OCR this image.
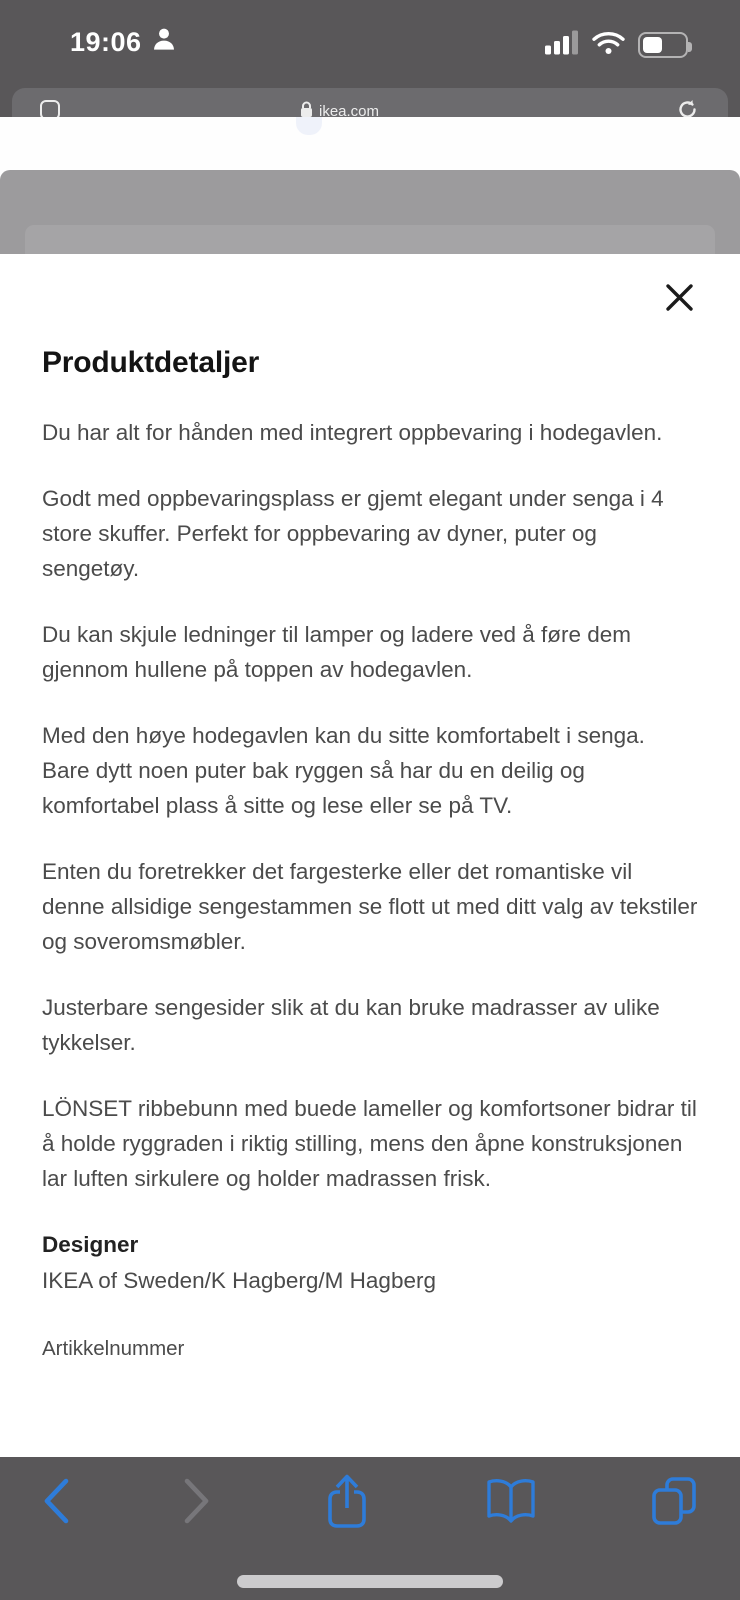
19:06
ikea.com
Produktdetaljer

Du har alt for hånden med integrert oppbevaring i hodegavlen.

Godt med oppbevaringsplass er gjemt elegant under senga i 4 store skuffer. Perfekt for oppbevaring av dyner, puter og sengetøy.

Du kan skjule ledninger til lamper og ladere ved å føre dem gjennom hullene på toppen av hodegavlen.

Med den høye hodegavlen kan du sitte komfortabelt i senga. Bare dytt noen puter bak ryggen så har du en deilig og komfortabel plass å sitte og lese eller se på TV.

Enten du foretrekker det fargesterke eller det romantiske vil denne allsidige sengestammen se flott ut med ditt valg av tekstiler og soveromsmøbler.

Justerbare sengesider slik at du kan bruke madrasser av ulike tykkelser.

LÖNSET ribbebunn med buede lameller og komfortsoner bidrar til å holde ryggraden i riktig stilling, mens den åpne konstruksjonen lar luften sirkulere og holder madrassen frisk.

Designer
IKEA of Sweden/K Hagberg/M Hagberg
Artikkelnummer
